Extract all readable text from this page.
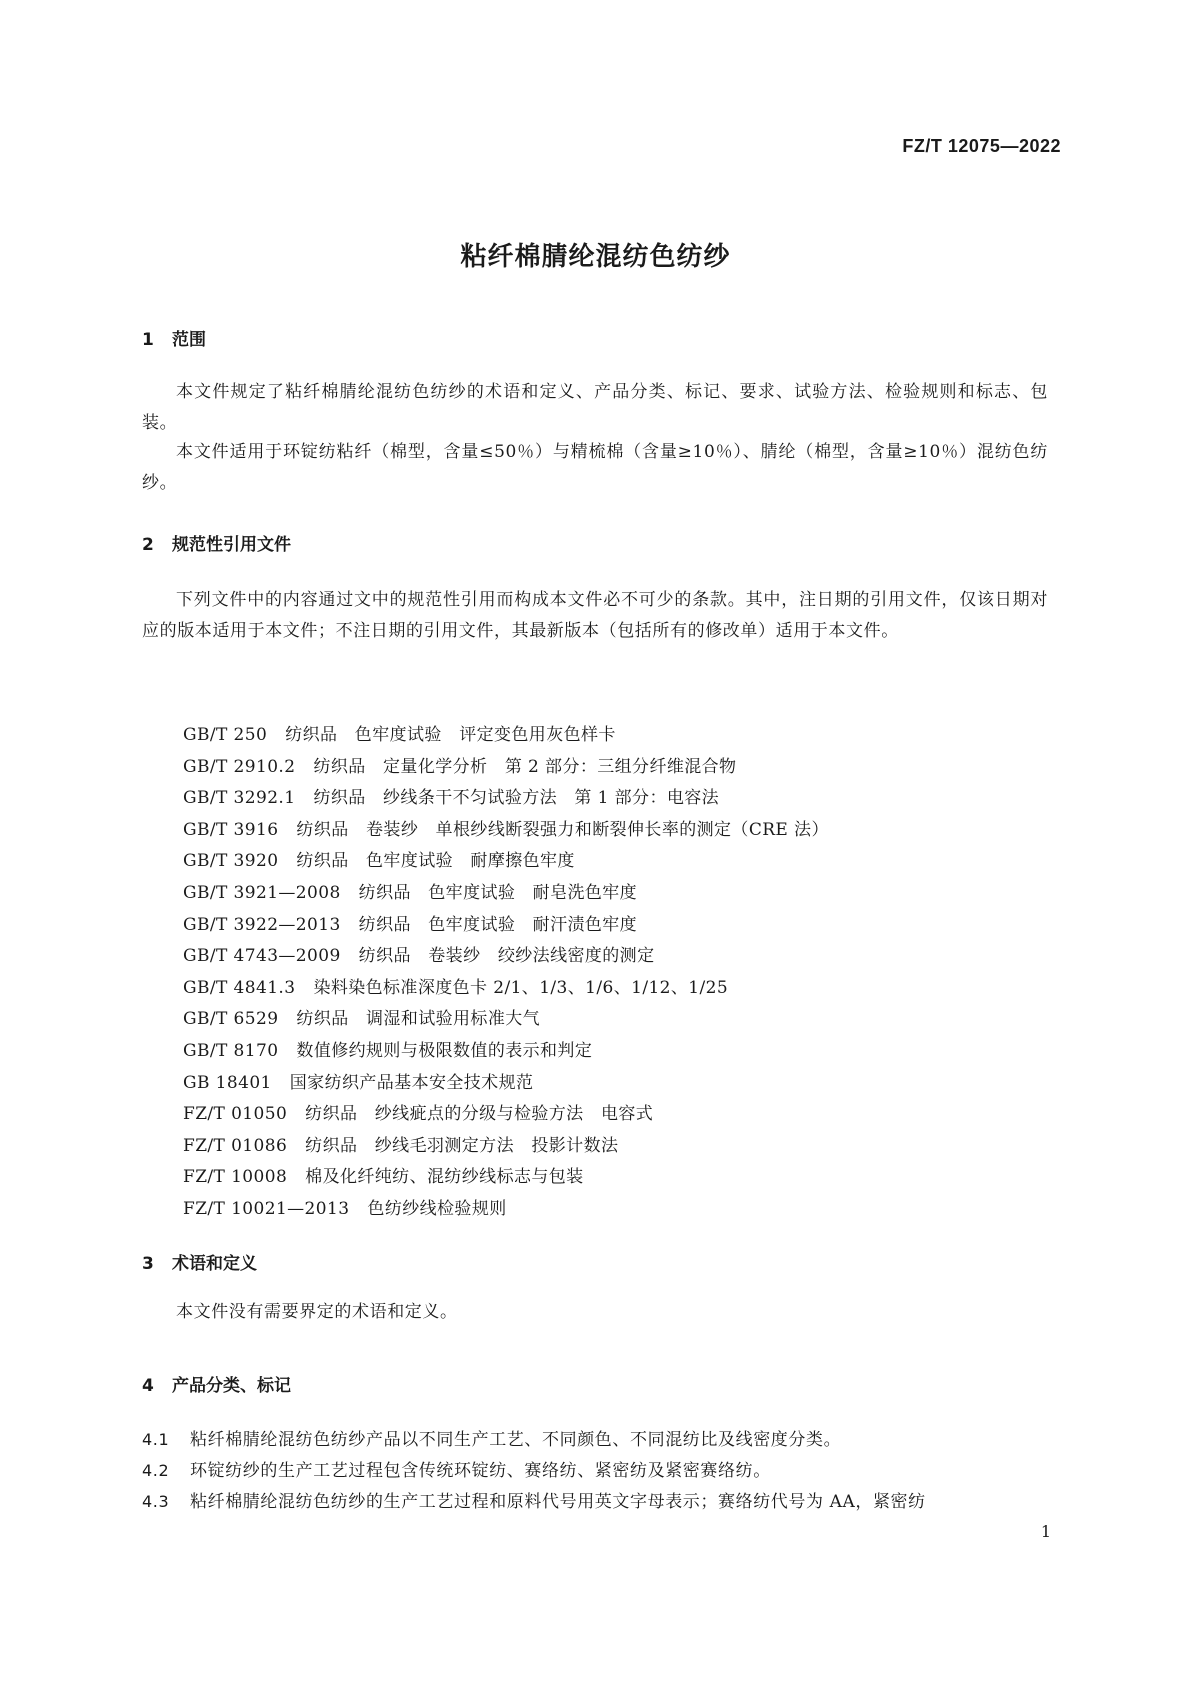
FZ/T 12075—2022
粘纤棉腈纶混纺色纺纱
1 范围
本文件规定了粘纤棉腈纶混纺色纺纱的术语和定义、产品分类、标记、要求、试验方法、检验规则和标志、包装。
本文件适用于环锭纺粘纤（棉型，含量≤50％）与精梳棉（含量≥10％）、腈纶（棉型，含量≥10％）混纺色纺纱。
2 规范性引用文件
下列文件中的内容通过文中的规范性引用而构成本文件必不可少的条款。其中，注日期的引用文件，仅该日期对应的版本适用于本文件；不注日期的引用文件，其最新版本（包括所有的修改单）适用于本文件。
GB/T 250 纺织品　色牢度试验　评定变色用灰色样卡
GB/T 2910.2 纺织品　定量化学分析　第 2 部分：三组分纤维混合物
GB/T 3292.1 纺织品　纱线条干不匀试验方法　第 1 部分：电容法
GB/T 3916 纺织品　卷装纱　单根纱线断裂强力和断裂伸长率的测定（CRE 法）
GB/T 3920 纺织品　色牢度试验　耐摩擦色牢度
GB/T 3921—2008 纺织品　色牢度试验　耐皂洗色牢度
GB/T 3922—2013 纺织品　色牢度试验　耐汗渍色牢度
GB/T 4743—2009 纺织品　卷装纱　绞纱法线密度的测定
GB/T 4841.3 染料染色标准深度色卡 2/1、1/3、1/6、1/12、1/25
GB/T 6529 纺织品　调湿和试验用标准大气
GB/T 8170 数值修约规则与极限数值的表示和判定
GB 18401 国家纺织产品基本安全技术规范
FZ/T 01050 纺织品　纱线疵点的分级与检验方法　电容式
FZ/T 01086 纺织品　纱线毛羽测定方法　投影计数法
FZ/T 10008 棉及化纤纯纺、混纺纱线标志与包装
FZ/T 10021—2013 色纺纱线检验规则
3 术语和定义
本文件没有需要界定的术语和定义。
4 产品分类、标记
4.1 粘纤棉腈纶混纺色纺纱产品以不同生产工艺、不同颜色、不同混纺比及线密度分类。
4.2 环锭纺纱的生产工艺过程包含传统环锭纺、赛络纺、紧密纺及紧密赛络纺。
4.3 粘纤棉腈纶混纺色纺纱的生产工艺过程和原料代号用英文字母表示；赛络纺代号为 AA，紧密纺
1
